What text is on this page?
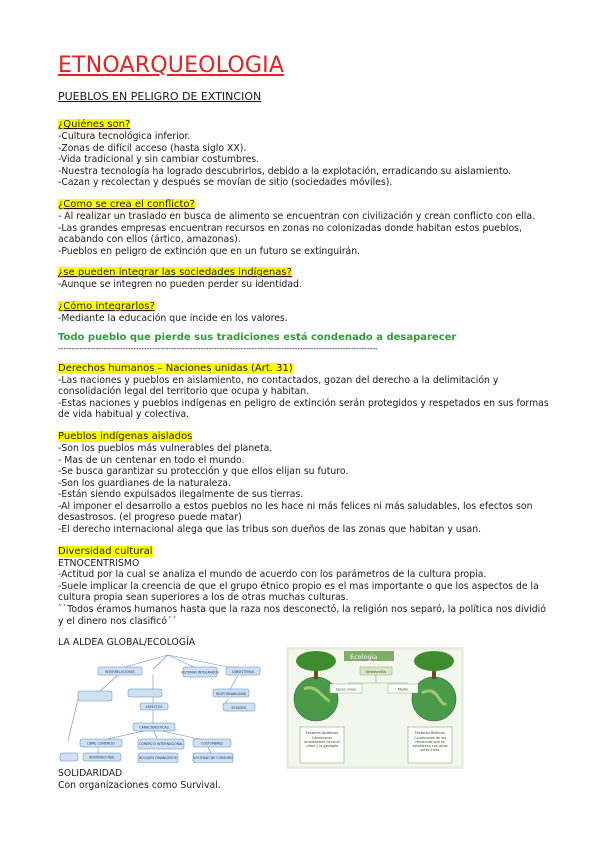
ETNOARQUEOLOGIA
PUEBLOS EN PELIGRO DE EXTINCION
¿Quiénes son?
-Cultura tecnológica inferior.
-Zonas de difícil acceso (hasta siglo XX).
-Vida tradicional y sin cambiar costumbres.
-Nuestra tecnología ha logrado descubrirlos, debido a la explotación, erradicando su aislamiento.
-Cazan y recolectan y después se movían de sitio (sociedades móviles).
¿Como se crea el conflicto?
- Al realizar un traslado en busca de alimento se encuentran con civilización y crean conflicto con ella.
-Las grandes empresas encuentran recursos en zonas no colonizadas donde habitan estos pueblos,
acabando con ellos (ártico, amazonas).
-Pueblos en peligro de extinción que en un futuro se extinguirán.
¿se pueden integrar las sociedades indígenas?
-Aunque se integren no pueden perder su identidad.
¿Cómo integrarlos?
-Mediante la educación que incide en los valores.
Todo pueblo que pierde sus tradiciones está condenado a desaparecer
-----------------------------------------------------------------------------------------------------------------------
Derechos humanos – Naciones unidas (Art. 31)
-Las naciones y pueblos en aislamiento, no contactados, gozan del derecho a la delimitación y
consolidación legal del territorio que ocupa y habitan.
-Estas naciones y pueblos indígenas en peligro de extinción serán protegidos y respetados en sus formas
de vida habitual y colectiva.
Pueblos indígenas aislados
-Son los pueblos más vulnerables del planeta.
- Mas de un centenar en todo el mundo.
-Se busca garantizar su protección y que ellos elijan su futuro.
-Son los guardianes de la naturaleza.
-Están siendo expulsados ilegalmente de sus tierras.
-Al imponer el desarrollo a estos pueblos no les hace ni más felices ni más saludables, los efectos son
desastrosos. (el progreso puede matar)
-El derecho internacional alega que las tribus son dueños de las zonas que habitan y usan.
Diversidad cultural
ETNOCENTRISMO
-Actitud por la cual se analiza el mundo de acuerdo con los parámetros de la cultura propia.
-Suele implicar la creencia de que el grupo étnico propio es el mas importante o que los aspectos de la
cultura propia sean superiores a los de otras muchas culturas.
``Todos éramos humanos hasta que la raza nos desconectó, la religión nos separó, la política nos dividió
y el dinero nos clasificó´´
LA ALDEA GLOBAL/ECOLOGÍA
INTERRELACIONES	SISTEMAS INTEGRADOS	SUBSISTEMAS
RESPONSABILIDAD
ESTADOS
ASPECTOS
CARACTERISTICAS
LIBRE COMERCIO	COMERCIO INTERNACIONAL	COSTUMBRES
BLOQUES FINANCIEROS
INTERNACIONAL	SOCIEDAD DE CONSUMO
Ecología
Interacción
Seres vivos	Medio
Factores Abióticos
Condiciones ambientales como el clima y la geología
Factores Bióticos
Condiciones de las relaciones que se establecen con otros seres vivos
SOLIDARIDAD
Con organizaciones como Survival.
